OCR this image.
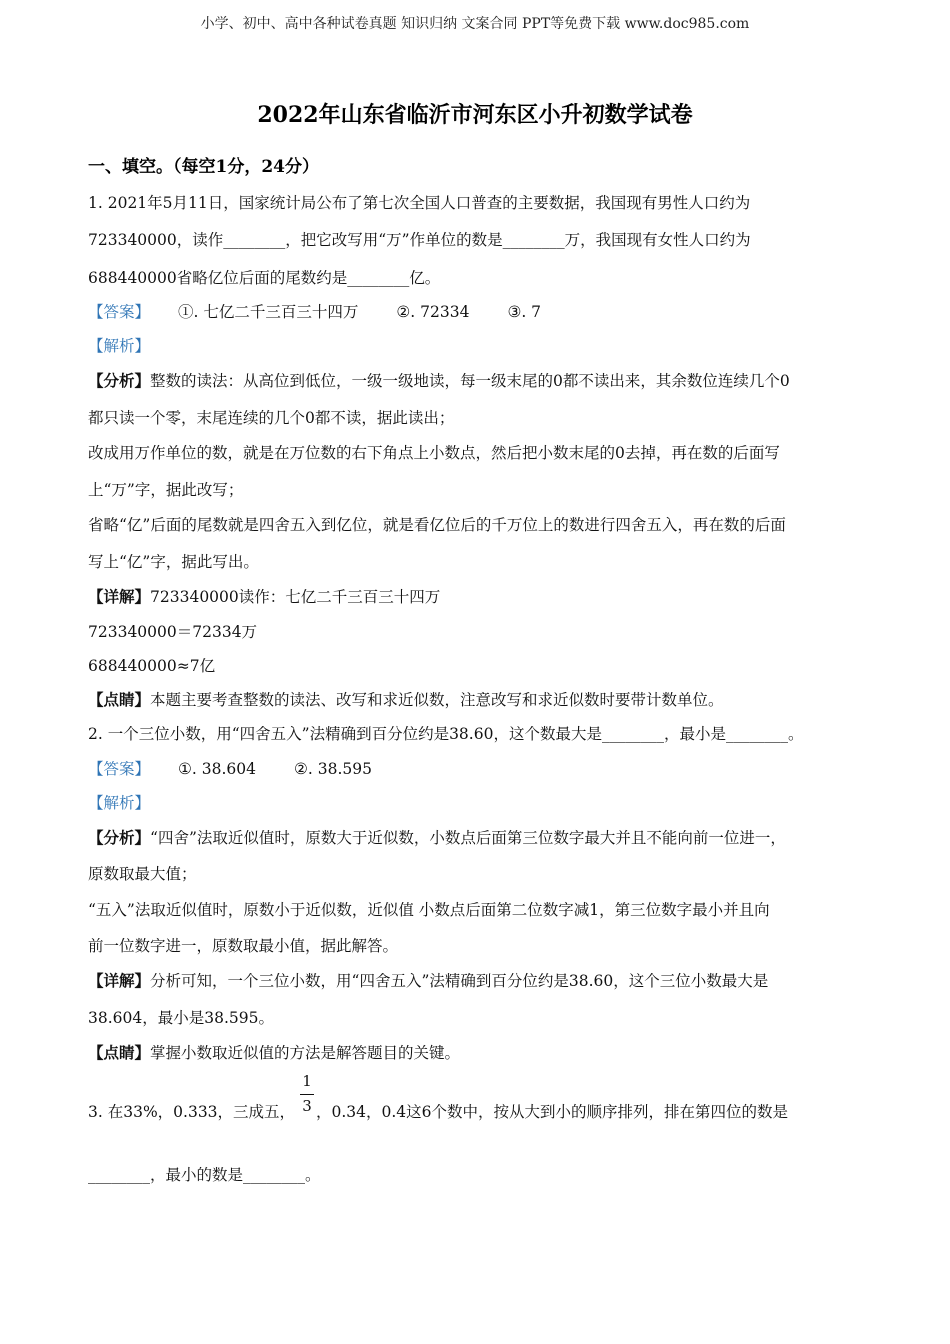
小学、初中、高中各种试卷真题 知识归纳 文案合同 PPT等免费下载 www.doc985.com
2022年山东省临沂市河东区小升初数学试卷
一、填空。（每空1分，24分）
1. 2021年5月11日，国家统计局公布了第七次全国人口普查的主要数据，我国现有男性人口约为
723340000，读作________，把它改写用“万”作单位的数是________万，我国现有女性人口约为
688440000省略亿位后面的尾数约是________亿。
【答案】 ①. 七亿二千三百三十四万 ②. 72334 ③. 7
【解析】
【分析】整数的读法：从高位到低位，一级一级地读，每一级末尾的0都不读出来，其余数位连续几个0
都只读一个零，末尾连续的几个0都不读，据此读出；
改成用万作单位的数，就是在万位数的右下角点上小数点，然后把小数末尾的0去掉，再在数的后面写
上“万”字，据此改写；
省略“亿”后面的尾数就是四舍五入到亿位，就是看亿位后的千万位上的数进行四舍五入，再在数的后面
写上“亿”字，据此写出。
【详解】723340000读作：七亿二千三百三十四万
723340000＝72334万
688440000≈7亿
【点睛】本题主要考查整数的读法、改写和求近似数，注意改写和求近似数时要带计数单位。
2. 一个三位小数，用“四舍五入”法精确到百分位约是38.60，这个数最大是________，最小是________。
【答案】 ①. 38.604 ②. 38.595
【解析】
【分析】“四舍”法取近似值时，原数大于近似数，小数点后面第三位数字最大并且不能向前一位进一，
原数取最大值；
“五入”法取近似值时，原数小于近似数，近似值 小数点后面第二位数字减1，第三位数字最小并且向
前一位数字进一，原数取最小值，据此解答。
【详解】分析可知，一个三位小数，用“四舍五入”法精确到百分位约是38.60，这个三位小数最大是
38.604，最小是38.595。
【点睛】掌握小数取近似值的方法是解答题目的关键。
3. 在33%，0.333，三成五，
1
3 ，0.34，0.4这6个数中，按从大到小的顺序排列，排在第四位的数是
________，最小的数是________。
